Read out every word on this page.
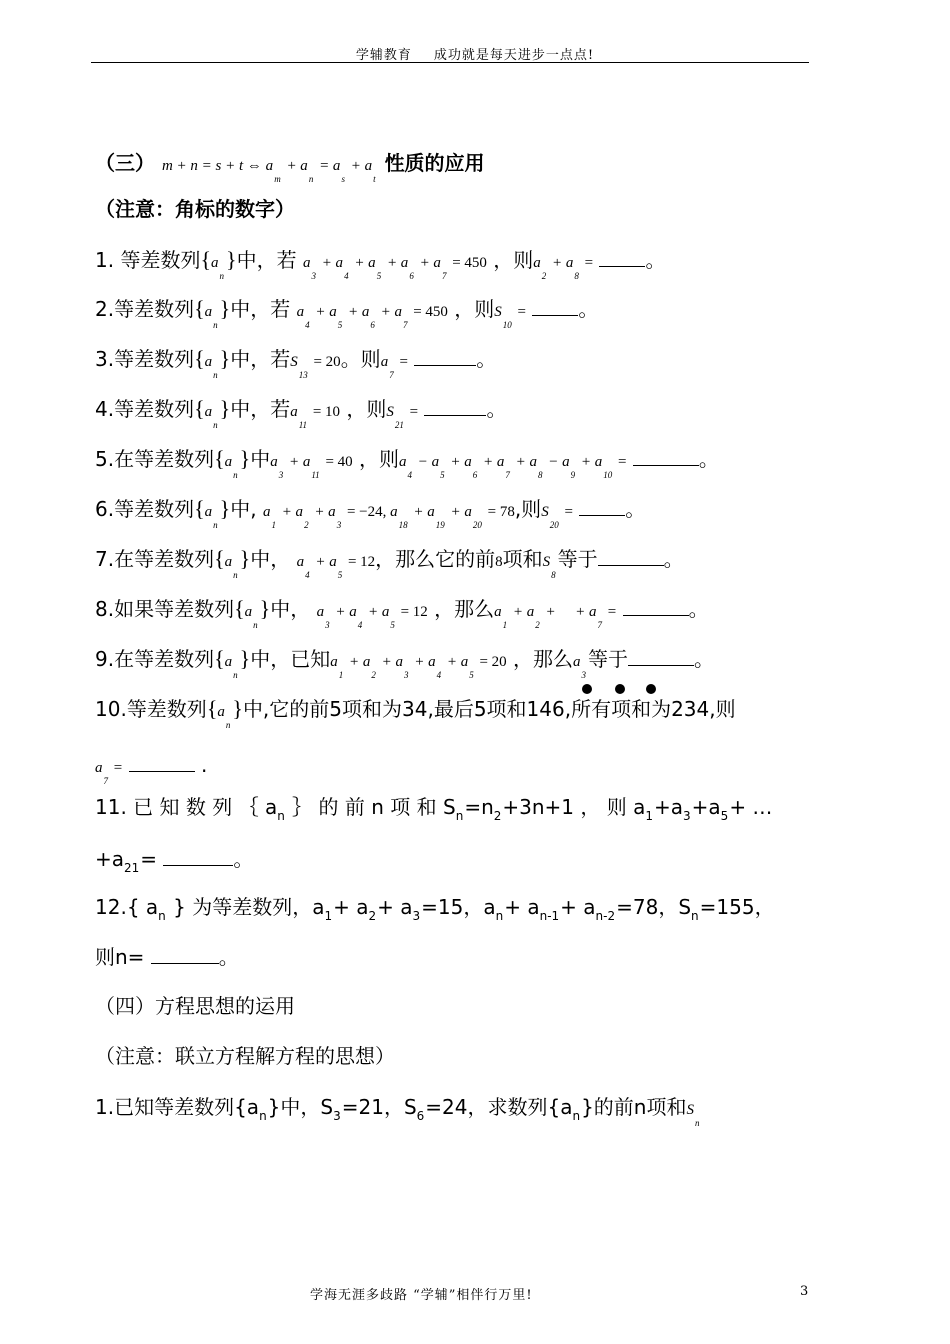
学辅教育 成功就是每天进步一点点!
（三） m + n = s + t ⇔ $a_m + a_n = a_s + a_t$ 性质的应用
（注意：角标的数字）
1. 等差数列$\{a_n\}$中，若 $a_3 + a_4 + a_5 + a_6 + a_7 = 450$ ，则$a_2 + a_8$ =	。
2.等差数列$\{a_n\}$中，若 $a_4 + a_5 + a_6 + a_7 = 450$ ，则$S_{10}$ =	。
3.等差数列$\{a_n\}$中，若$S_{13} = 20$。则$a_7$ =	。
4.等差数列$\{a_n\}$中，若$a_{11} = 10$ ，则$S_{21}$ =	。
5.在等差数列$\{a_n\}$中$a_3 + a_{11} = 40$ ，则$a_4 - a_5 + a_6 + a_7 + a_8 - a_9 + a_{10}$ =	。
6.等差数列$\{a_n\}$中, $a_1 + a_2 + a_3 = -24$, $a_{18} + a_{19} + a_{20} = 78$,则$S_{20}$ =	。
7.在等差数列$\{a_n\}$中， $a_4 + a_5 = 12$，那么它的前8项和$S_8$等于	。
8.如果等差数列$\{a_n\}$中， $a_3 + a_4 + a_5 = 12$ ，那么$a_1 + a_2$ +  + $a_7$ =	。
9.在等差数列$\{a_n\}$中，已知$a_1 + a_2 + a_3 + a_4 + a_5 = 20$ ，那么$a_3$等于	。
10.等差数列$\{a_n\}$中,它的前5项和为34,最后5项和146,所有项和为234,则
$a_7$ =	.
11. 已 知 数 列 ｛ $a_n$ ｝ 的 前 n 项 和 $S_n=n_2+3n+1$ ， 则 $a_1+a_3+a_5+$ …
$+a_{21}=$	。
12.{ $a_n$ } 为等差数列，$a_1+ a_2+ a_3=15$，$a_n+ a_{n-1}+ a_{n-2}=78$，$S_n=155$，
则n=	。
（四）方程思想的运用
（注意：联立方程解方程的思想）
1.已知等差数列$\{a_n\}$中，$S_3=21$，$S_6=24$，求数列$\{a_n\}$的前n项和$S_n$
学海无涯多歧路 “学辅”相伴行万里!	3
